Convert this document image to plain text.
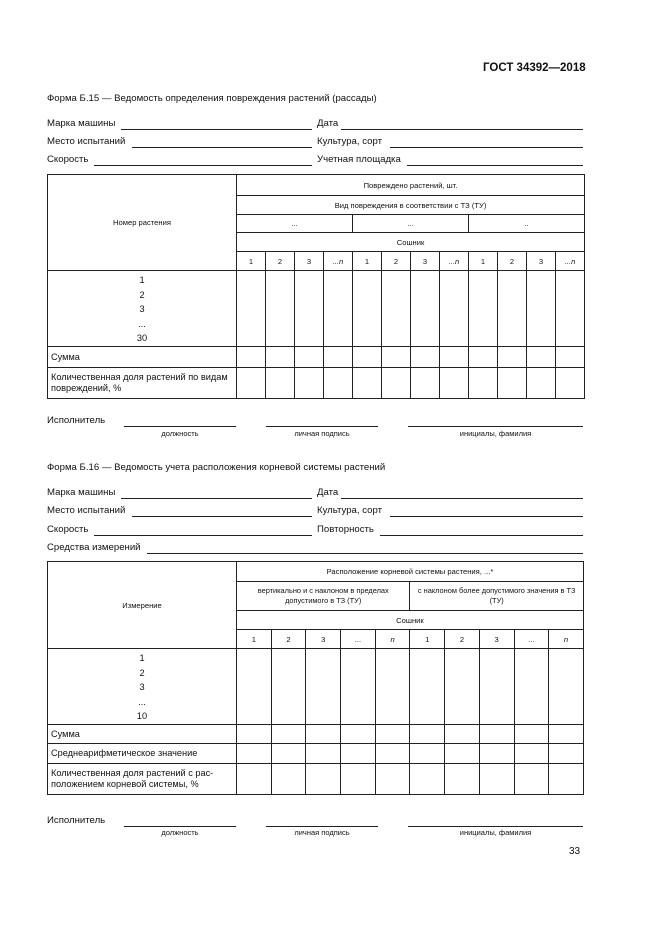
ГОСТ 34392—2018
Форма Б.15 — Ведомость определения повреждения растений (рассады)
Марка машины	Дата
Место испытаний	Культура, сорт
Скорость	Учетная площадка
Номер растения	Повреждено растений, шт.											
	Вид повреждения в соответствии с ТЗ (ТУ)											
	...				...				..			
	Сошник											
	1	2	3	...n	1	2	3	...n	1	2	3	...n

1
2
3
...
30												

Сумма												
Количественная доля растений по видам повреждений, %												
Исполнитель
должность	личная подпись	инициалы, фамилия
Форма Б.16 — Ведомость учета расположения корневой системы растений
Марка машины	Дата
Место испытаний	Культура, сорт
Скорость	Повторность
Средства измерений
Измерение	Расположение корневой системы растения, ...*									
	вертикально и с наклоном в пределах допустимого в ТЗ (ТУ)					с наклоном более допустимого значения в ТЗ (ТУ)				
	Сошник									
	1	2	3	...	n	1	2	3	...	n

1
2
3
...
10										

Сумма										
Среднеарифметическое значение										
Количественная доля растений с расположением корневой системы, %										
Исполнитель
должность	личная подпись	инициалы, фамилия
33
